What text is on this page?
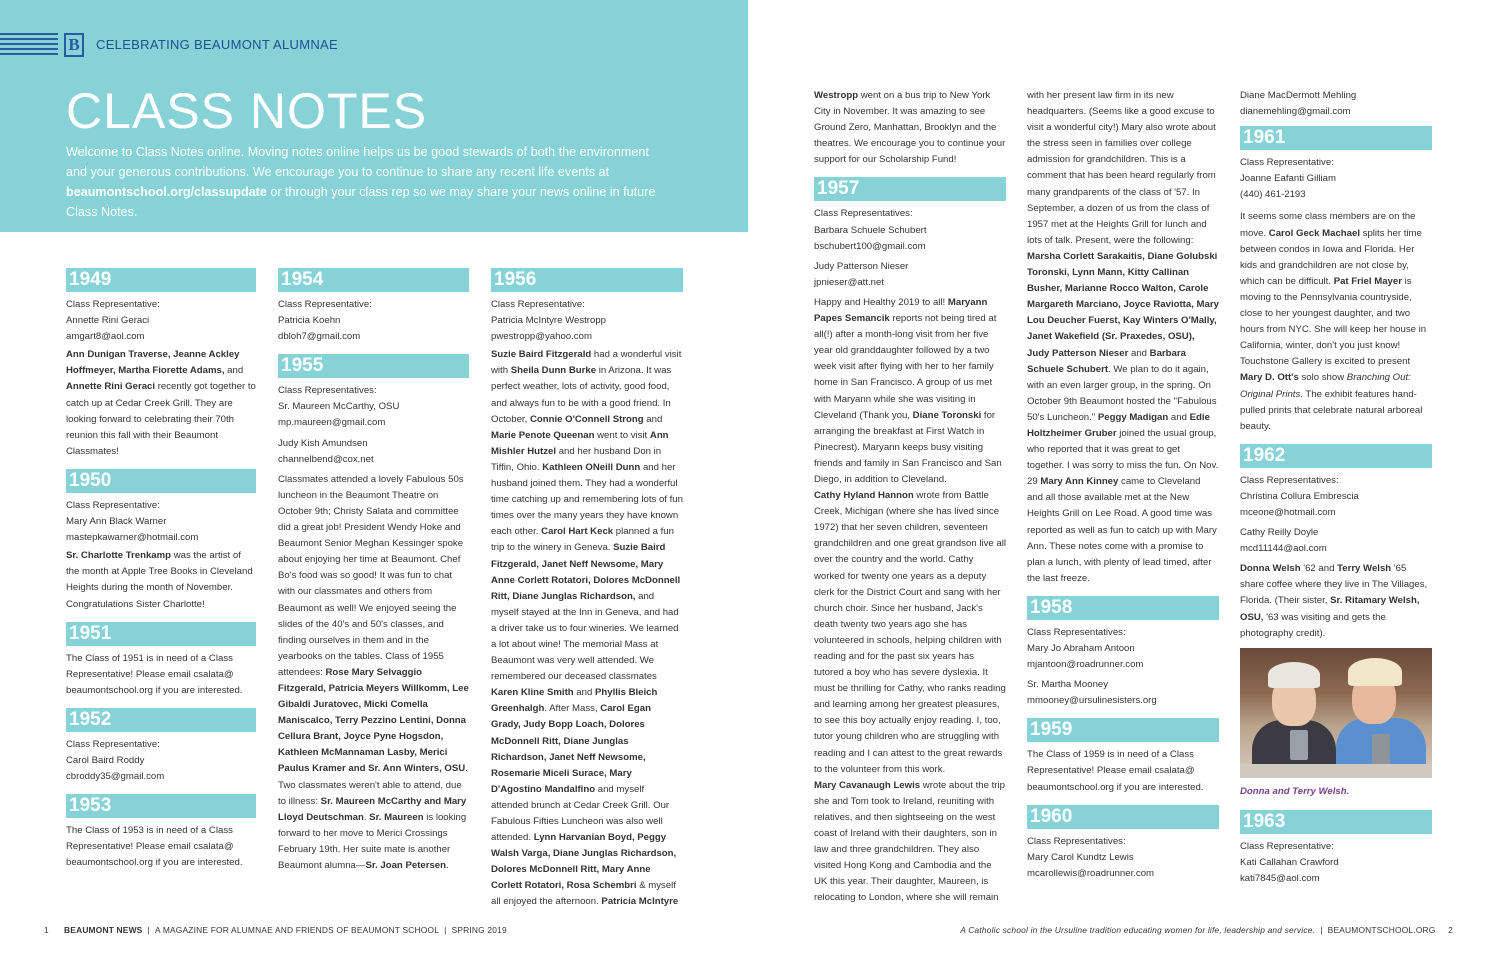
B	CELEBRATING BEAUMONT ALUMNAE
CLASS NOTES

Welcome to Class Notes online. Moving notes online helps us be good stewards of both the environment and your generous contributions. We encourage you to continue to share any recent life events at beaumontschool.org/classupdate or through your class rep so we may share your news online in future Class Notes.

1949

Class Representative:
Annette Rini Geraci
amgart8@aol.com

Ann Dunigan Traverse, Jeanne Ackley Hoffmeyer, Martha Fiorette Adams, and Annette Rini Geraci recently got together to catch up at Cedar Creek Grill. They are looking forward to celebrating their 70th reunion this fall with their Beaumont Classmates!

1950

Class Representative:
Mary Ann Black Warner
mastepkawarner@hotmail.com

Sr. Charlotte Trenkamp was the artist of the month at Apple Tree Books in Cleveland Heights during the month of November. Congratulations Sister Charlotte!

1951

The Class of 1951 is in need of a Class Representative! Please email csalata@ beaumontschool.org if you are interested.

1952

Class Representative:
Carol Baird Roddy
cbroddy35@gmail.com

1953

The Class of 1953 is in need of a Class Representative! Please email csalata@ beaumontschool.org if you are interested.

1954

Class Representative:
Patricia Koehn
dbloh7@gmail.com

1955

Class Representatives:
Sr. Maureen McCarthy, OSU
mp.maureen@gmail.com

Judy Kish Amundsen
channelbend@cox.net

Classmates attended a lovely Fabulous 50s luncheon in the Beaumont Theatre on October 9th; Christy Salata and committee did a great job! President Wendy Hoke and Beaumont Senior Meghan Kessinger spoke about enjoying her time at Beaumont. Chef Bo's food was so good! It was fun to chat with our classmates and others from Beaumont as well! We enjoyed seeing the slides of the 40's and 50's classes, and finding ourselves in them and in the yearbooks on the tables. Class of 1955 attendees: Rose Mary Selvaggio Fitzgerald, Patricia Meyers Willkomm, Lee Gibaldi Juratovec, Micki Comella Maniscalco, Terry Pezzino Lentini, Donna Cellura Brant, Joyce Pyne Hogsdon, Kathleen McMannaman Lasby, Merici Paulus Kramer and Sr. Ann Winters, OSU. Two classmates weren't able to attend, due to illness: Sr. Maureen McCarthy and Mary Lloyd Deutschman. Sr. Maureen is looking forward to her move to Merici Crossings February 19th. Her suite mate is another Beaumont alumna—Sr. Joan Petersen.

1956

Class Representative:
Patricia McIntyre Westropp
pwestropp@yahoo.com

Suzie Baird Fitzgerald had a wonderful visit with Sheila Dunn Burke in Arizona. It was perfect weather, lots of activity, good food, and always fun to be with a good friend. In October, Connie O'Connell Strong and Marie Penote Queenan went to visit Ann Mishler Hutzel and her husband Don in Tiffin, Ohio. Kathleen ONeill Dunn and her husband joined them. They had a wonderful time catching up and remembering lots of fun times over the many years they have known each other. Carol Hart Keck planned a fun trip to the winery in Geneva. Suzie Baird Fitzgerald, Janet Neff Newsome, Mary Anne Corlett Rotatori, Dolores McDonnell Ritt, Diane Junglas Richardson, and myself stayed at the Inn in Geneva, and had a driver take us to four wineries. We learned a lot about wine! The memorial Mass at Beaumont was very well attended. We remembered our deceased classmates Karen Kline Smith and Phyllis Bleich Greenhalgh. After Mass, Carol Egan Grady, Judy Bopp Loach, Dolores McDonnell Ritt, Diane Junglas Richardson, Janet Neff Newsome, Rosemarie Miceli Surace, Mary D'Agostino Mandalfino and myself attended brunch at Cedar Creek Grill. Our Fabulous Fifties Luncheon was also well attended. Lynn Harvanian Boyd, Peggy Walsh Varga, Diane Junglas Richardson, Dolores McDonnell Ritt, Mary Anne Corlett Rotatori, Rosa Schembri & myself all enjoyed the afternoon. Patricia McIntyre

Westropp went on a bus trip to New York City in November. It was amazing to see Ground Zero, Manhattan, Brooklyn and the theatres. We encourage you to continue your support for our Scholarship Fund!

1957

Class Representatives:
Barbara Schuele Schubert
bschubert100@gmail.com

Judy Patterson Nieser
jpnieser@att.net

Happy and Healthy 2019 to all! Maryann Papes Semancik reports not being tired at all(!) after a month-long visit from her five year old granddaughter followed by a two week visit after flying with her to her family home in San Francisco. A group of us met with Maryann while she was visiting in Cleveland (Thank you, Diane Toronski for arranging the breakfast at First Watch in Pinecrest). Maryann keeps busy visiting friends and family in San Francisco and San Diego, in addition to Cleveland.
Cathy Hyland Hannon wrote from Battle Creek, Michigan (where she has lived since 1972) that her seven children, seventeen grandchildren and one great grandson live all over the country and the world. Cathy worked for twenty one years as a deputy clerk for the District Court and sang with her church choir. Since her husband, Jack's death twenty two years ago she has volunteered in schools, helping children with reading and for the past six years has tutored a boy who has severe dyslexia. It must be thrilling for Cathy, who ranks reading and learning among her greatest pleasures, to see this boy actually enjoy reading. I, too, tutor young children who are struggling with reading and I can attest to the great rewards to the volunteer from this work.
Mary Cavanaugh Lewis wrote about the trip she and Tom took to Ireland, reuniting with relatives, and then sightseeing on the west coast of Ireland with their daughters, son in law and three grandchildren. They also visited Hong Kong and Cambodia and the UK this year. Their daughter, Maureen, is relocating to London, where she will remain

with her present law firm in its new headquarters. (Seems like a good excuse to visit a wonderful city!) Mary also wrote about the stress seen in families over college admission for grandchildren. This is a comment that has been heard regularly from many grandparents of the class of '57. In September, a dozen of us from the class of 1957 met at the Heights Grill for lunch and lots of talk. Present, were the following: Marsha Corlett Sarakaitis, Diane Golubski Toronski, Lynn Mann, Kitty Callinan Busher, Marianne Rocco Walton, Carole Margareth Marciano, Joyce Raviotta, Mary Lou Deucher Fuerst, Kay Winters O'Mally, Janet Wakefield (Sr. Praxedes, OSU), Judy Patterson Nieser and Barbara Schuele Schubert. We plan to do it again, with an even larger group, in the spring. On October 9th Beaumont hosted the "Fabulous 50's Luncheon." Peggy Madigan and Edie Holtzheimer Gruber joined the usual group, who reported that it was great to get together. I was sorry to miss the fun. On Nov. 29 Mary Ann Kinney came to Cleveland and all those available met at the New Heights Grill on Lee Road. A good time was reported as well as fun to catch up with Mary Ann. These notes come with a promise to plan a lunch, with plenty of lead timed, after the last freeze.

1958

Class Representatives:
Mary Jo Abraham Antoon
mjantoon@roadrunner.com

Sr. Martha Mooney
mmooney@ursulinesisters.org

1959

The Class of 1959 is in need of a Class Representative! Please email csalata@ beaumontschool.org if you are interested.

1960

Class Representatives:
Mary Carol Kundtz Lewis
mcarollewis@roadrunner.com

Diane MacDermott Mehling
dianemehling@gmail.com

1961

Class Representative:
Joanne Eafanti Gilliam
(440) 461-2193

It seems some class members are on the move. Carol Geck Machael splits her time between condos in Iowa and Florida. Her kids and grandchildren are not close by, which can be difficult. Pat Friel Mayer is moving to the Pennsylvania countryside, close to her youngest daughter, and two hours from NYC. She will keep her house in California, winter, don't you just know! Touchstone Gallery is excited to present Mary D. Ott's solo show Branching Out: Original Prints. The exhibit features hand-pulled prints that celebrate natural arboreal beauty.

1962

Class Representatives:
Christina Collura Embrescia
mceone@hotmail.com

Cathy Reilly Doyle
mcd11144@aol.com

Donna Welsh '62 and Terry Welsh '65 share coffee where they live in The Villages, Florida. (Their sister, Sr. Ritamary Welsh, OSU, '63 was visiting and gets the photography credit).

Donna and Terry Welsh.
1963

Class Representative:
Kati Callahan Crawford
kati7845@aol.com

1 BEAUMONT NEWS | A MAGAZINE FOR ALUMNAE AND FRIENDS OF BEAUMONT SCHOOL | SPRING 2019	A Catholic school in the Ursuline tradition educating women for life, leadership and service. | BEAUMONTSCHOOL.ORG 2
